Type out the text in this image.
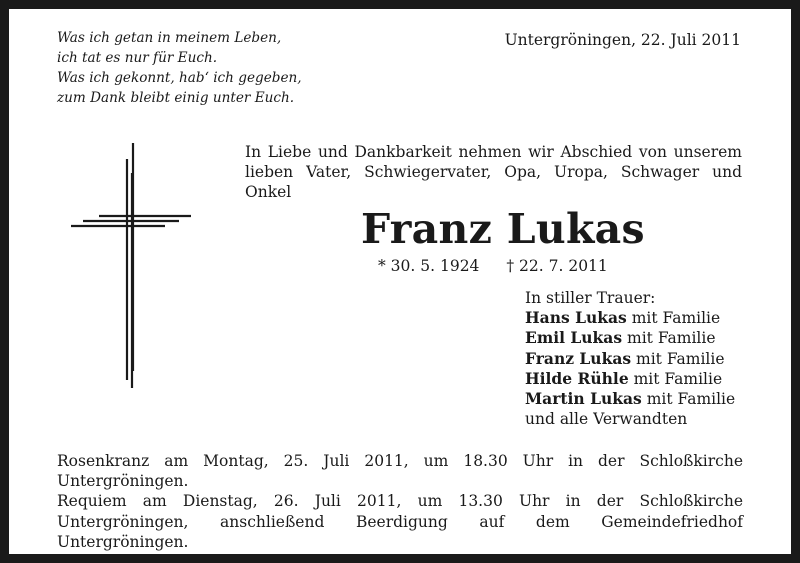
Was ich getan in meinem Leben,
ich tat es nur für Euch.
Was ich gekonnt, hab‘ ich gegeben,
zum Dank bleibt einig unter Euch.
Untergröningen, 22. Juli 2011
In Liebe und Dankbarkeit nehmen wir Abschied von unserem lieben Vater, Schwiegervater, Opa, Uropa, Schwager und Onkel
Franz Lukas
* 30. 5. 1924 † 22. 7. 2011
In stiller Trauer:
Hans Lukas mit Familie
Emil Lukas mit Familie
Franz Lukas mit Familie
Hilde Rühle mit Familie
Martin Lukas mit Familie
und alle Verwandten

Rosenkranz am Montag, 25. Juli 2011, um 18.30 Uhr in der Schloßkirche Untergröningen.

Requiem am Dienstag, 26. Juli 2011, um 13.30 Uhr in der Schloßkirche Untergröningen, anschließend Beerdigung auf dem Gemeindefriedhof Untergröningen.
